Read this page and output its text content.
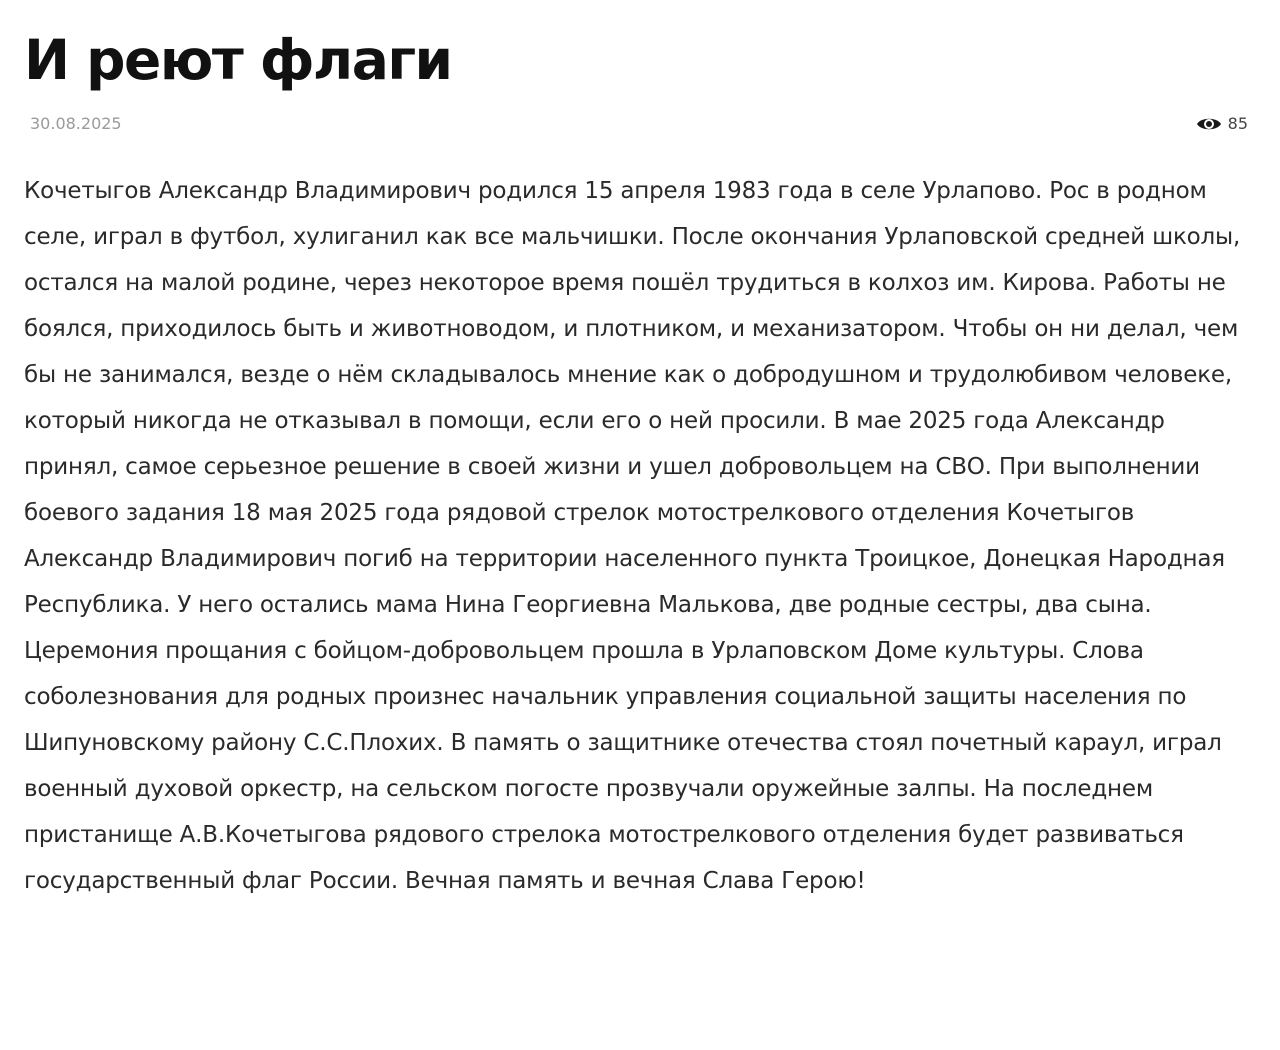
И реют флаги
30.08.2025	85

Кочетыгов Александр Владимирович родился 15 апреля 1983 года в селе Урлапово. Рос в родном селе, играл в футбол, хулиганил как все мальчишки. После окончания Урлаповской средней школы, остался на малой родине, через некоторое время пошёл трудиться в колхоз им. Кирова. Работы не боялся, приходилось быть и животноводом, и плотником, и механизатором. Чтобы он ни делал, чем бы не занимался, везде о нём складывалось мнение как о добродушном и трудолюбивом человеке, который никогда не отказывал в помощи, если его о ней просили. В мае 2025 года Александр принял, самое серьезное решение в своей жизни и ушел добровольцем на СВО. При выполнении боевого задания 18 мая 2025 года рядовой стрелок мотострелкового отделения Кочетыгов Александр Владимирович погиб на территории населенного пункта Троицкое, Донецкая Народная Республика. У него остались мама Нина Георгиевна Малькова, две родные сестры, два сына. Церемония прощания с бойцом-добровольцем прошла в Урлаповском Доме культуры. Слова соболезнования для родных произнес начальник управления социальной защиты населения по Шипуновскому району С.С.Плохих. В память о защитнике отечества стоял почетный караул, играл военный духовой оркестр, на сельском погосте прозвучали оружейные залпы. На последнем пристанище А.В.Кочетыгова рядового стрелока мотострелкового отделения будет развиваться государственный флаг России. Вечная память и вечная Слава Герою!
